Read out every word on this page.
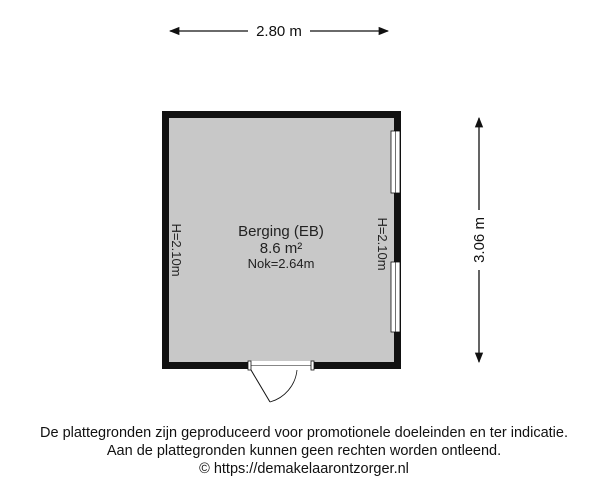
2.80 m
3.06 m
Berging (EB)
8.6 m²
Nok=2.64m
H=2.10m	H=2.10m
De plattegronden zijn geproduceerd voor promotionele doeleinden en ter indicatie.
Aan de plattegronden kunnen geen rechten worden ontleend.
© https://demakelaarontzorger.nl
